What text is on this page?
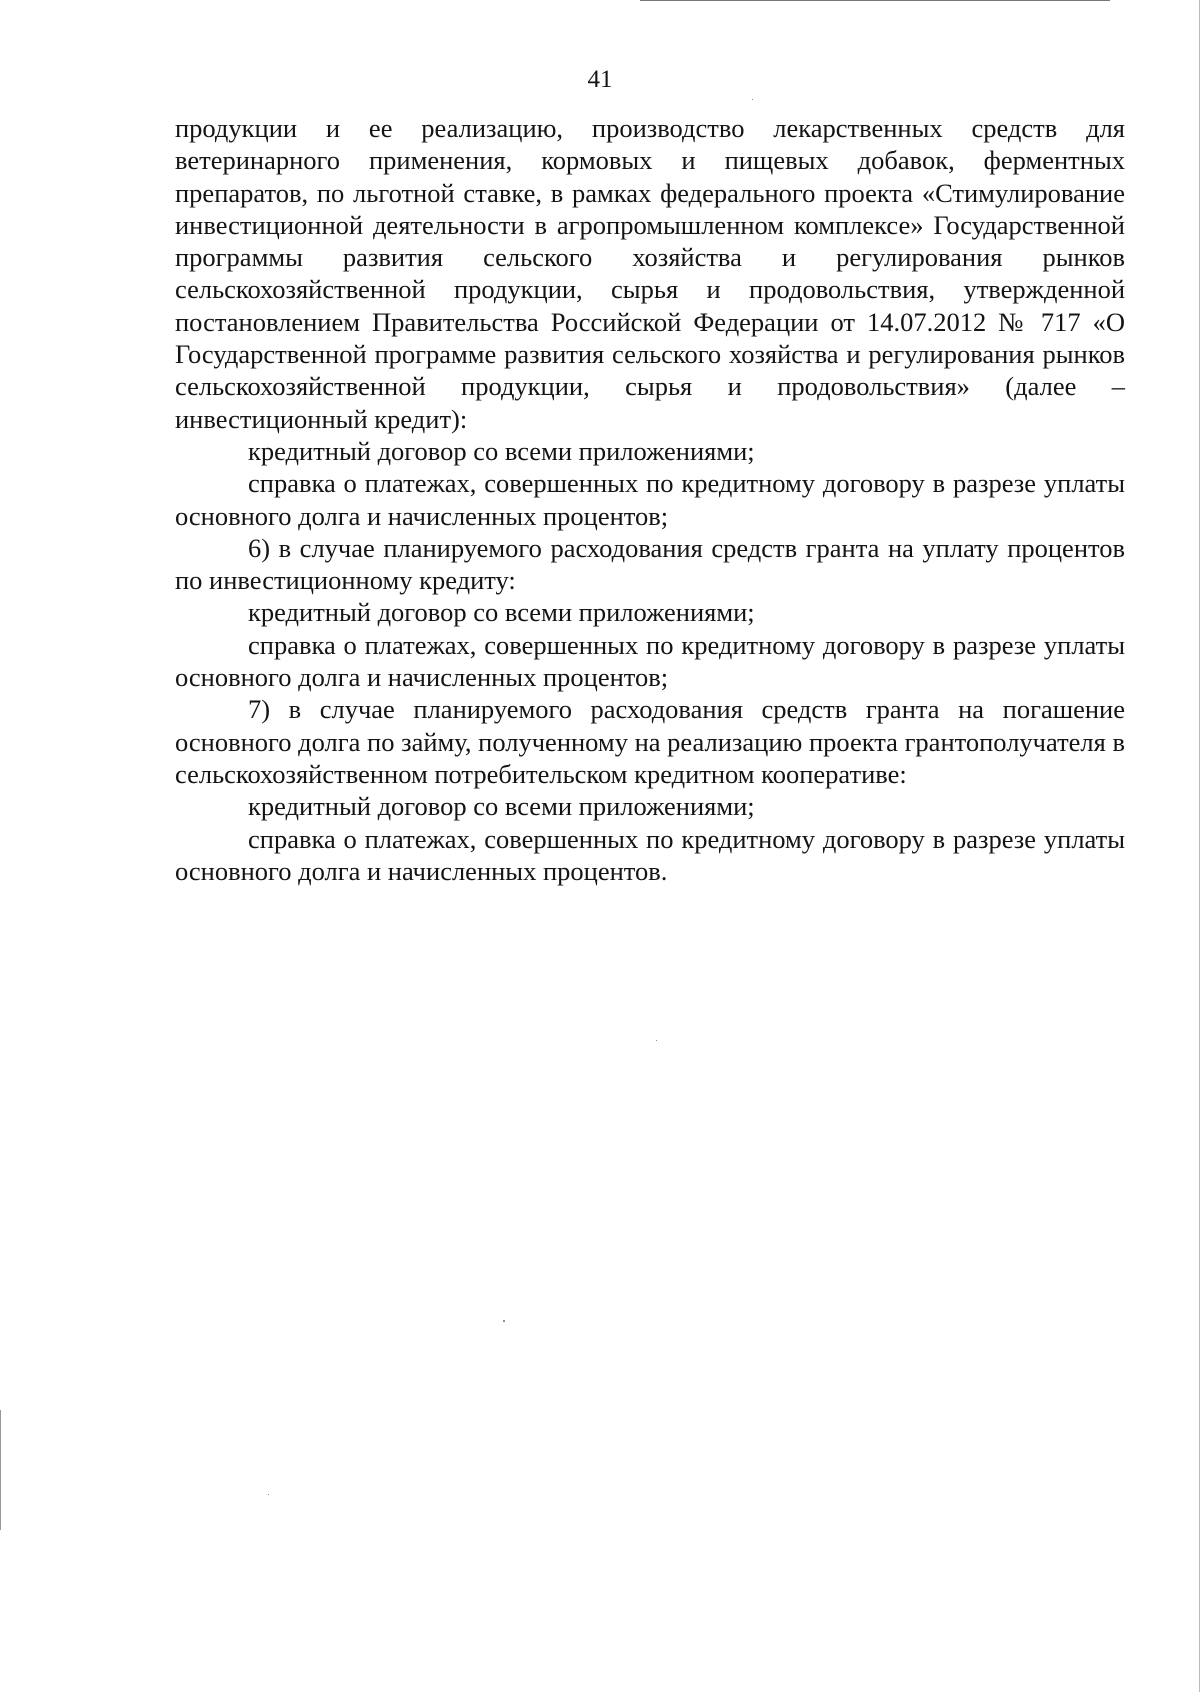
41

продукции и ее реализацию, производство лекарственных средств для ветеринарного применения, кормовых и пищевых добавок, ферментных препаратов, по льготной ставке, в рамках федерального проекта «Стимулирование инвестиционной деятельности в агропромышленном комплексе» Государственной программы развития сельского хозяйства и регулирования рынков сельскохозяйственной продукции, сырья и продовольствия, утвержденной постановлением Правительства Российской Федерации от 14.07.2012 № 717 «О Государственной программе развития сельского хозяйства и регулирования рынков сельскохозяйственной продукции, сырья и продовольствия» (далее – инвестиционный кредит):

кредитный договор со всеми приложениями;

справка о платежах, совершенных по кредитному договору в разрезе уплаты основного долга и начисленных процентов;

6) в случае планируемого расходования средств гранта на уплату процентов по инвестиционному кредиту:

кредитный договор со всеми приложениями;

справка о платежах, совершенных по кредитному договору в разрезе уплаты основного долга и начисленных процентов;

7) в случае планируемого расходования средств гранта на погашение основного долга по займу, полученному на реализацию проекта грантополучателя в сельскохозяйственном потребительском кредитном кооперативе:

кредитный договор со всеми приложениями;

справка о платежах, совершенных по кредитному договору в разрезе уплаты основного долга и начисленных процентов.
